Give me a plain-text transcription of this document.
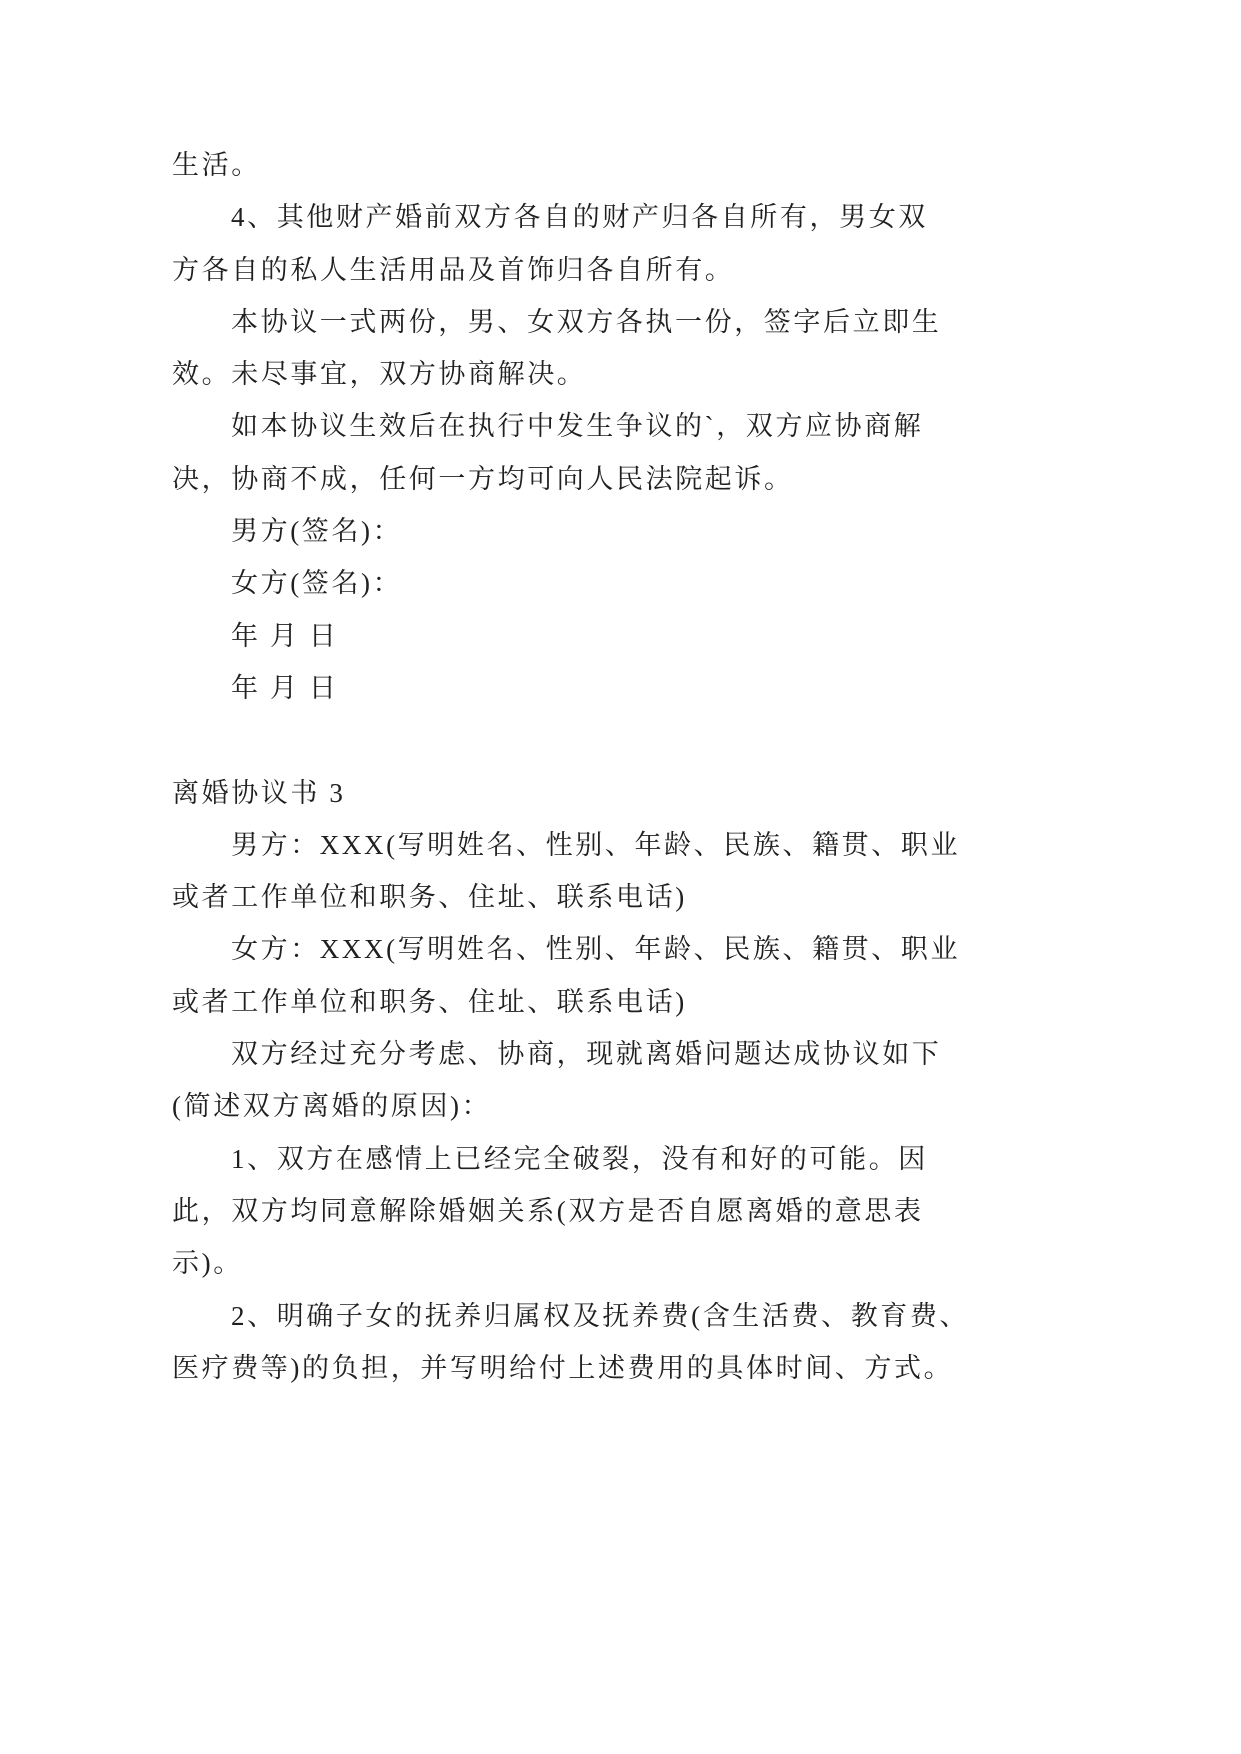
生活。
4、其他财产婚前双方各自的财产归各自所有，男女双
方各自的私人生活用品及首饰归各自所有。
本协议一式两份，男、女双方各执一份，签字后立即生
效。未尽事宜，双方协商解决。
如本协议生效后在执行中发生争议的`，双方应协商解
决，协商不成，任何一方均可向人民法院起诉。
男方(签名)：
女方(签名)：
年 月 日
年 月 日
离婚协议书 3
男方：XXX(写明姓名、性别、年龄、民族、籍贯、职业
或者工作单位和职务、住址、联系电话)
女方：XXX(写明姓名、性别、年龄、民族、籍贯、职业
或者工作单位和职务、住址、联系电话)
双方经过充分考虑、协商，现就离婚问题达成协议如下
(简述双方离婚的原因)：
1、双方在感情上已经完全破裂，没有和好的可能。因
此，双方均同意解除婚姻关系(双方是否自愿离婚的意思表
示)。
2、明确子女的抚养归属权及抚养费(含生活费、教育费、
医疗费等)的负担，并写明给付上述费用的具体时间、方式。
